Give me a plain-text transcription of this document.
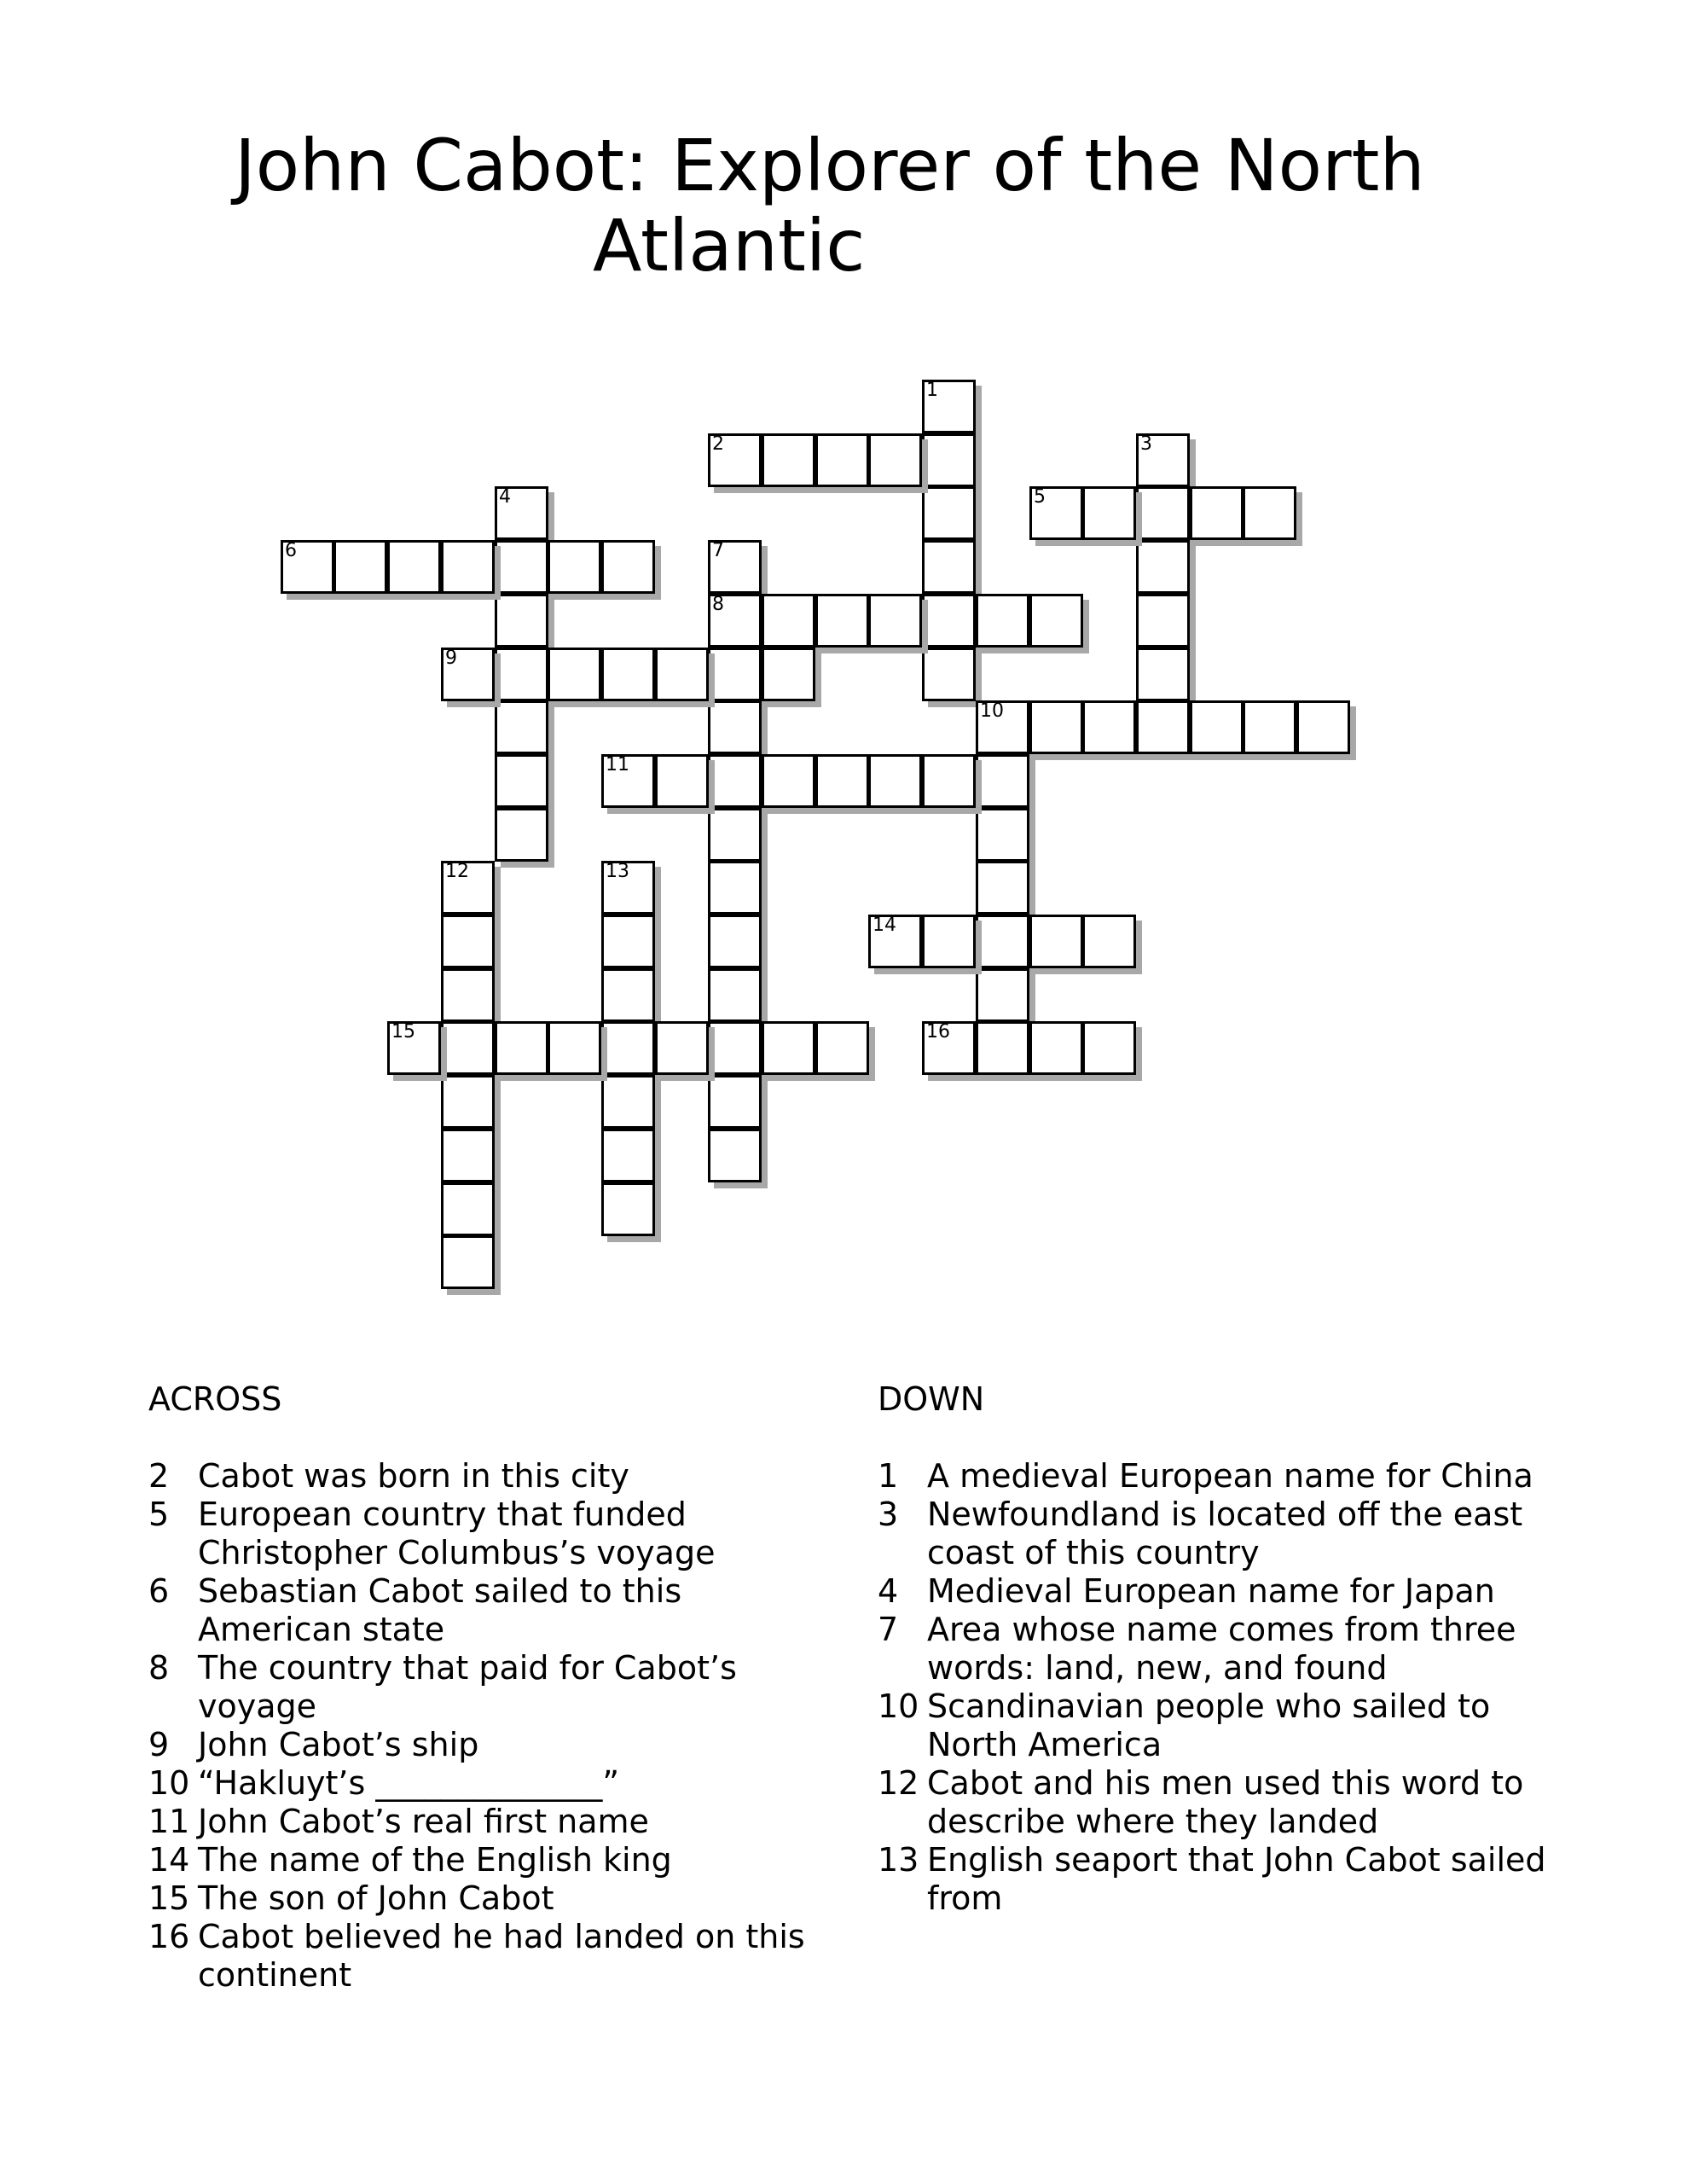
John Cabot: Explorer of the North
Atlantic
1
2	3
4	5
6	7
8
9
10
11
12	13
14
15	16
ACROSS
2 Cabot was born in this city
5 European country that funded Christopher Columbus’s voyage
6 Sebastian Cabot sailed to this American state
8 The country that paid for Cabot’s voyage
9 John Cabot’s ship
10 “Hakluyt’s ______________”
11 John Cabot’s real first name
14 The name of the English king
15 The son of John Cabot
16 Cabot believed he had landed on this continent
DOWN
1 A medieval European name for China
3 Newfoundland is located off the east coast of this country
4 Medieval European name for Japan
7 Area whose name comes from three words: land, new, and found
10 Scandinavian people who sailed to North America
12 Cabot and his men used this word to describe where they landed
13 English seaport that John Cabot sailed from
